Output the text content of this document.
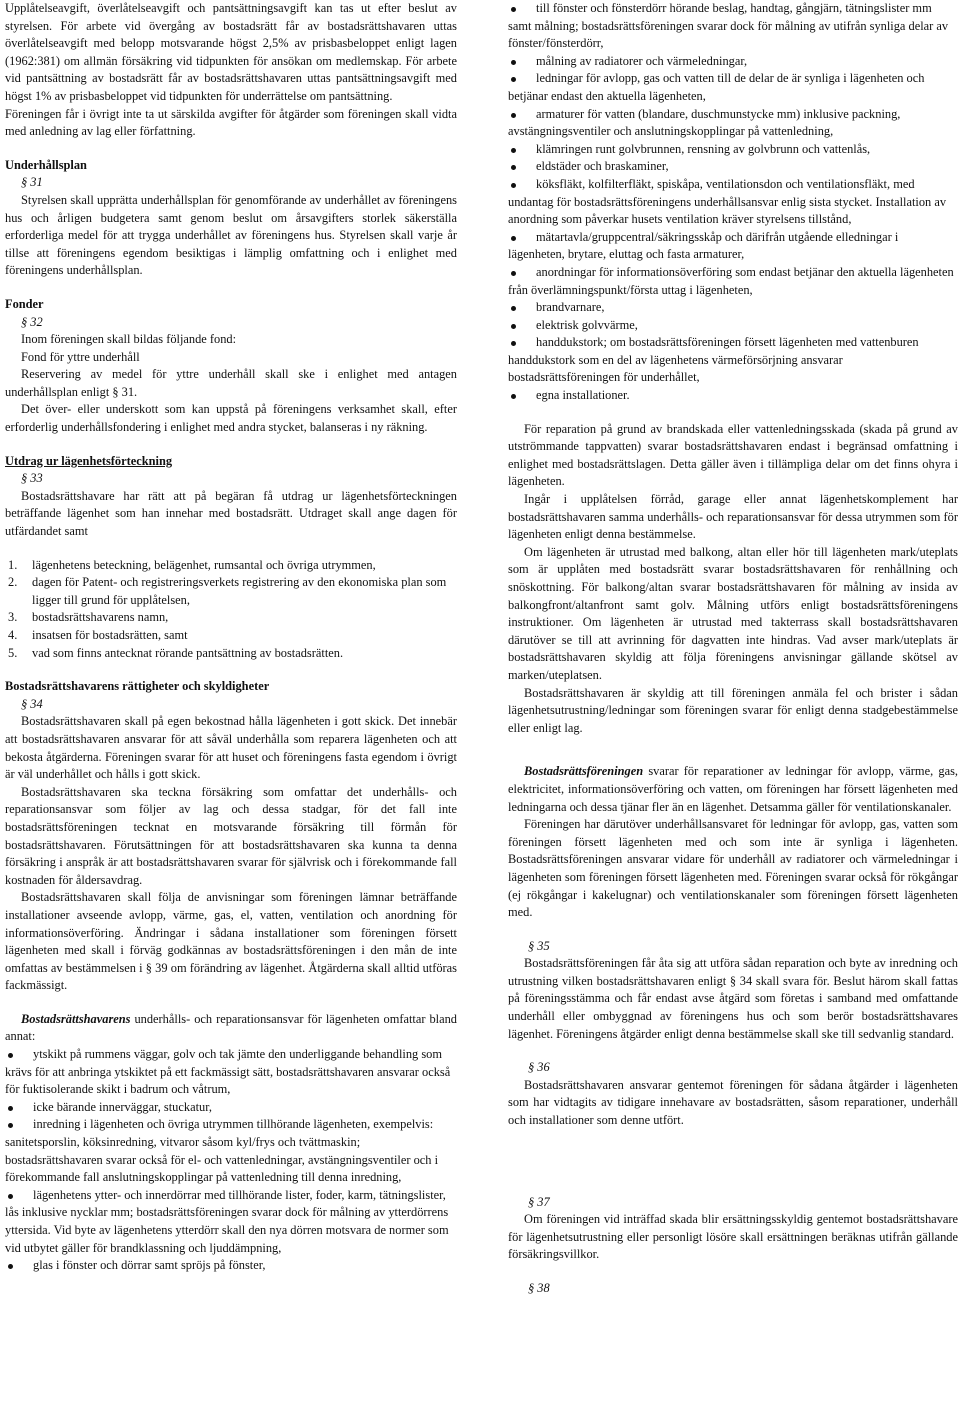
Upplåtelseavgift, överlåtelseavgift och pantsättningsavgift kan tas ut efter beslut av styrelsen. För arbete vid övergång av bostadsrätt får av bostadsrättshavaren uttas överlåtelseavgift med belopp motsvarande högst 2,5% av prisbasbeloppet enligt lagen (1962:381) om allmän försäkring vid tidpunkten för ansökan om medlemskap. För arbete vid pantsättning av bostadsrätt får av bostadsrättshavaren uttas pantsättningsavgift med högst 1% av prisbasbeloppet vid tidpunkten för underrättelse om pantsättning.

Föreningen får i övrigt inte ta ut särskilda avgifter för åtgärder som föreningen skall vidta med anledning av lag eller författning.

Underhållsplan

§ 31

Styrelsen skall upprätta underhållsplan för genomförande av underhållet av föreningens hus och årligen budgetera samt genom beslut om årsavgifters storlek säkerställa erforderliga medel för att trygga underhållet av föreningens hus. Styrelsen skall varje år tillse att föreningens egendom besiktigas i lämplig omfattning och i enlighet med föreningens underhållsplan.

Fonder

§ 32

Inom föreningen skall bildas följande fond:

Fond för yttre underhåll

Reservering av medel för yttre underhåll skall ske i enlighet med antagen underhållsplan enligt § 31.

Det över- eller underskott som kan uppstå på föreningens verksamhet skall, efter erforderlig underhållsfondering i enlighet med andra stycket, balanseras i ny räkning.

Utdrag ur lägenhetsförteckning

§ 33

Bostadsrättshavare har rätt att på begäran få utdrag ur lägenhetsförteckningen beträffande lägenhet som han innehar med bostadsrätt. Utdraget skall ange dagen för utfärdandet samt

1. lägenhetens beteckning, belägenhet, rumsantal och övriga utrymmen,
2. dagen för Patent- och registreringsverkets registrering av den ekonomiska plan som ligger till grund för upplåtelsen,
3. bostadsrättshavarens namn,
4. insatsen för bostadsrätten, samt
5. vad som finns antecknat rörande pantsättning av bostadsrätten.

Bostadsrättshavarens rättigheter och skyldigheter

§ 34

Bostadsrättshavaren skall på egen bekostnad hålla lägenheten i gott skick. Det innebär att bostadsrättshavaren ansvarar för att såväl underhålla som reparera lägenheten och att bekosta åtgärderna. Föreningen svarar för att huset och föreningens fasta egendom i övrigt är väl underhållet och hålls i gott skick.

Bostadsrättshavaren ska teckna försäkring som omfattar det underhålls- och reparationsansvar som följer av lag och dessa stadgar, för det fall inte bostadsrättsföreningen tecknat en motsvarande försäkring till förmån för bostadsrättshavaren. Förutsättningen för att bostadsrättshavaren ska kunna ta denna försäkring i anspråk är att bostadsrättshavaren svarar för självrisk och i förekommande fall kostnaden för åldersavdrag.

Bostadsrättshavaren skall följa de anvisningar som föreningen lämnar beträffande installationer avseende avlopp, värme, gas, el, vatten, ventilation och anordning för informationsöverföring. Ändringar i sådana installationer som föreningen försett lägenheten med skall i förväg godkännas av bostadsrättsföreningen i den mån de inte omfattas av bestämmelsen i § 39 om förändring av lägenhet. Åtgärderna skall alltid utföras fackmässigt.

Bostadsrättshavarens underhålls- och reparationsansvar för lägenheten omfattar bland annat:

ytskikt på rummens väggar, golv och tak jämte den underliggande behandling som krävs för att anbringa ytskiktet på ett fackmässigt sätt, bostadsrättshavaren ansvarar också för fuktisolerande skikt i badrum och våtrum,
icke bärande innerväggar, stuckatur,
inredning i lägenheten och övriga utrymmen tillhörande lägenheten, exempelvis: sanitetsporslin, köksinredning, vitvaror såsom kyl/frys och tvättmaskin; bostadsrättshavaren svarar också för el- och vattenledningar, avstängningsventiler och i förekommande fall anslutningskopplingar på vattenledning till denna inredning,
lägenhetens ytter- och innerdörrar med tillhörande lister, foder, karm, tätningslister, lås inklusive nycklar mm; bostadsrättsföreningen svarar dock för målning av ytterdörrens yttersida. Vid byte av lägenhetens ytterdörr skall den nya dörren motsvara de normer som vid utbytet gäller för brandklassning och ljuddämpning,
glas i fönster och dörrar samt spröjs på fönster,
till fönster och fönsterdörr hörande beslag, handtag, gångjärn, tätningslister mm samt målning; bostadsrättsföreningen svarar dock för målning av utifrån synliga delar av fönster/fönsterdörr,
målning av radiatorer och värmeledningar,
ledningar för avlopp, gas och vatten till de delar de är synliga i lägenheten och betjänar endast den aktuella lägenheten,
armaturer för vatten (blandare, duschmunstycke mm) inklusive packning, avstängningsventiler och anslutningskopplingar på vattenledning,
klämringen runt golvbrunnen, rensning av golvbrunn och vattenlås,
eldstäder och braskaminer,
köksfläkt, kolfilterfläkt, spiskåpa, ventilationsdon och ventilationsfläkt, med undantag för bostadsrättsföreningens underhållsansvar enlig sista stycket. Installation av anordning som påverkar husets ventilation kräver styrelsens tillstånd,
mätartavla/gruppcentral/säkringsskåp och därifrån utgående elledningar i lägenheten, brytare, eluttag och fasta armaturer,
anordningar för informationsöverföring som endast betjänar den aktuella lägenheten från överlämningspunkt/första uttag i lägenheten,
brandvarnare,
elektrisk golvvärme,
handdukstork; om bostadsrättsföreningen försett lägenheten med vattenburen handdukstork som en del av lägenhetens värmeförsörjning ansvarar bostadsrättsföreningen för underhållet,
egna installationer.

För reparation på grund av brandskada eller vattenledningsskada (skada på grund av utströmmande tappvatten) svarar bostadsrättshavaren endast i begränsad omfattning i enlighet med bostadsrättslagen. Detta gäller även i tillämpliga delar om det finns ohyra i lägenheten.

Ingår i upplåtelsen förråd, garage eller annat lägenhetskomplement har bostadsrättshavaren samma underhålls- och reparationsansvar för dessa utrymmen som för lägenheten enligt denna bestämmelse.

Om lägenheten är utrustad med balkong, altan eller hör till lägenheten mark/uteplats som är upplåten med bostadsrätt svarar bostadsrättshavaren för renhållning och snöskottning. För balkong/altan svarar bostadsrättshavaren för målning av insida av balkongfront/altanfront samt golv. Målning utförs enligt bostadsrättsföreningens instruktioner. Om lägenheten är utrustad med takterrass skall bostadsrättshavaren därutöver se till att avrinning för dagvatten inte hindras. Vad avser mark/uteplats är bostadsrättshavaren skyldig att följa föreningens anvisningar gällande skötsel av marken/uteplatsen.

Bostadsrättshavaren är skyldig att till föreningen anmäla fel och brister i sådan lägenhetsutrustning/ledningar som föreningen svarar för enligt denna stadgebestämmelse eller enligt lag.

Bostadsrättsföreningen svarar för reparationer av ledningar för avlopp, värme, gas, elektricitet, informationsöverföring och vatten, om föreningen har försett lägenheten med ledningarna och dessa tjänar fler än en lägenhet. Detsamma gäller för ventilationskanaler.

Föreningen har därutöver underhållsansvaret för ledningar för avlopp, gas, vatten som föreningen försett lägenheten med och som inte är synliga i lägenheten. Bostadsrättsföreningen ansvarar vidare för underhåll av radiatorer och värmeledningar i lägenheten som föreningen försett lägenheten med. Föreningen svarar också för rökgångar (ej rökgångar i kakelugnar) och ventilationskanaler som föreningen försett lägenheten med.

§ 35

Bostadsrättsföreningen får åta sig att utföra sådan reparation och byte av inredning och utrustning vilken bostadsrättshavaren enligt § 34 skall svara för. Beslut härom skall fattas på föreningsstämma och får endast avse åtgärd som företas i samband med omfattande underhåll eller ombyggnad av föreningens hus och som berör bostadsrättshavares lägenhet. Föreningens åtgärder enligt denna bestämmelse skall ske till sedvanlig standard.

§ 36

Bostadsrättshavaren ansvarar gentemot föreningen för sådana åtgärder i lägenheten som har vidtagits av tidigare innehavare av bostadsrätten, såsom reparationer, underhåll och installationer som denne utfört.

§ 37

Om föreningen vid inträffad skada blir ersättningsskyldig gentemot bostadsrättshavare för lägenhetsutrustning eller personligt lösöre skall ersättningen beräknas utifrån gällande försäkringsvillkor.

§ 38
